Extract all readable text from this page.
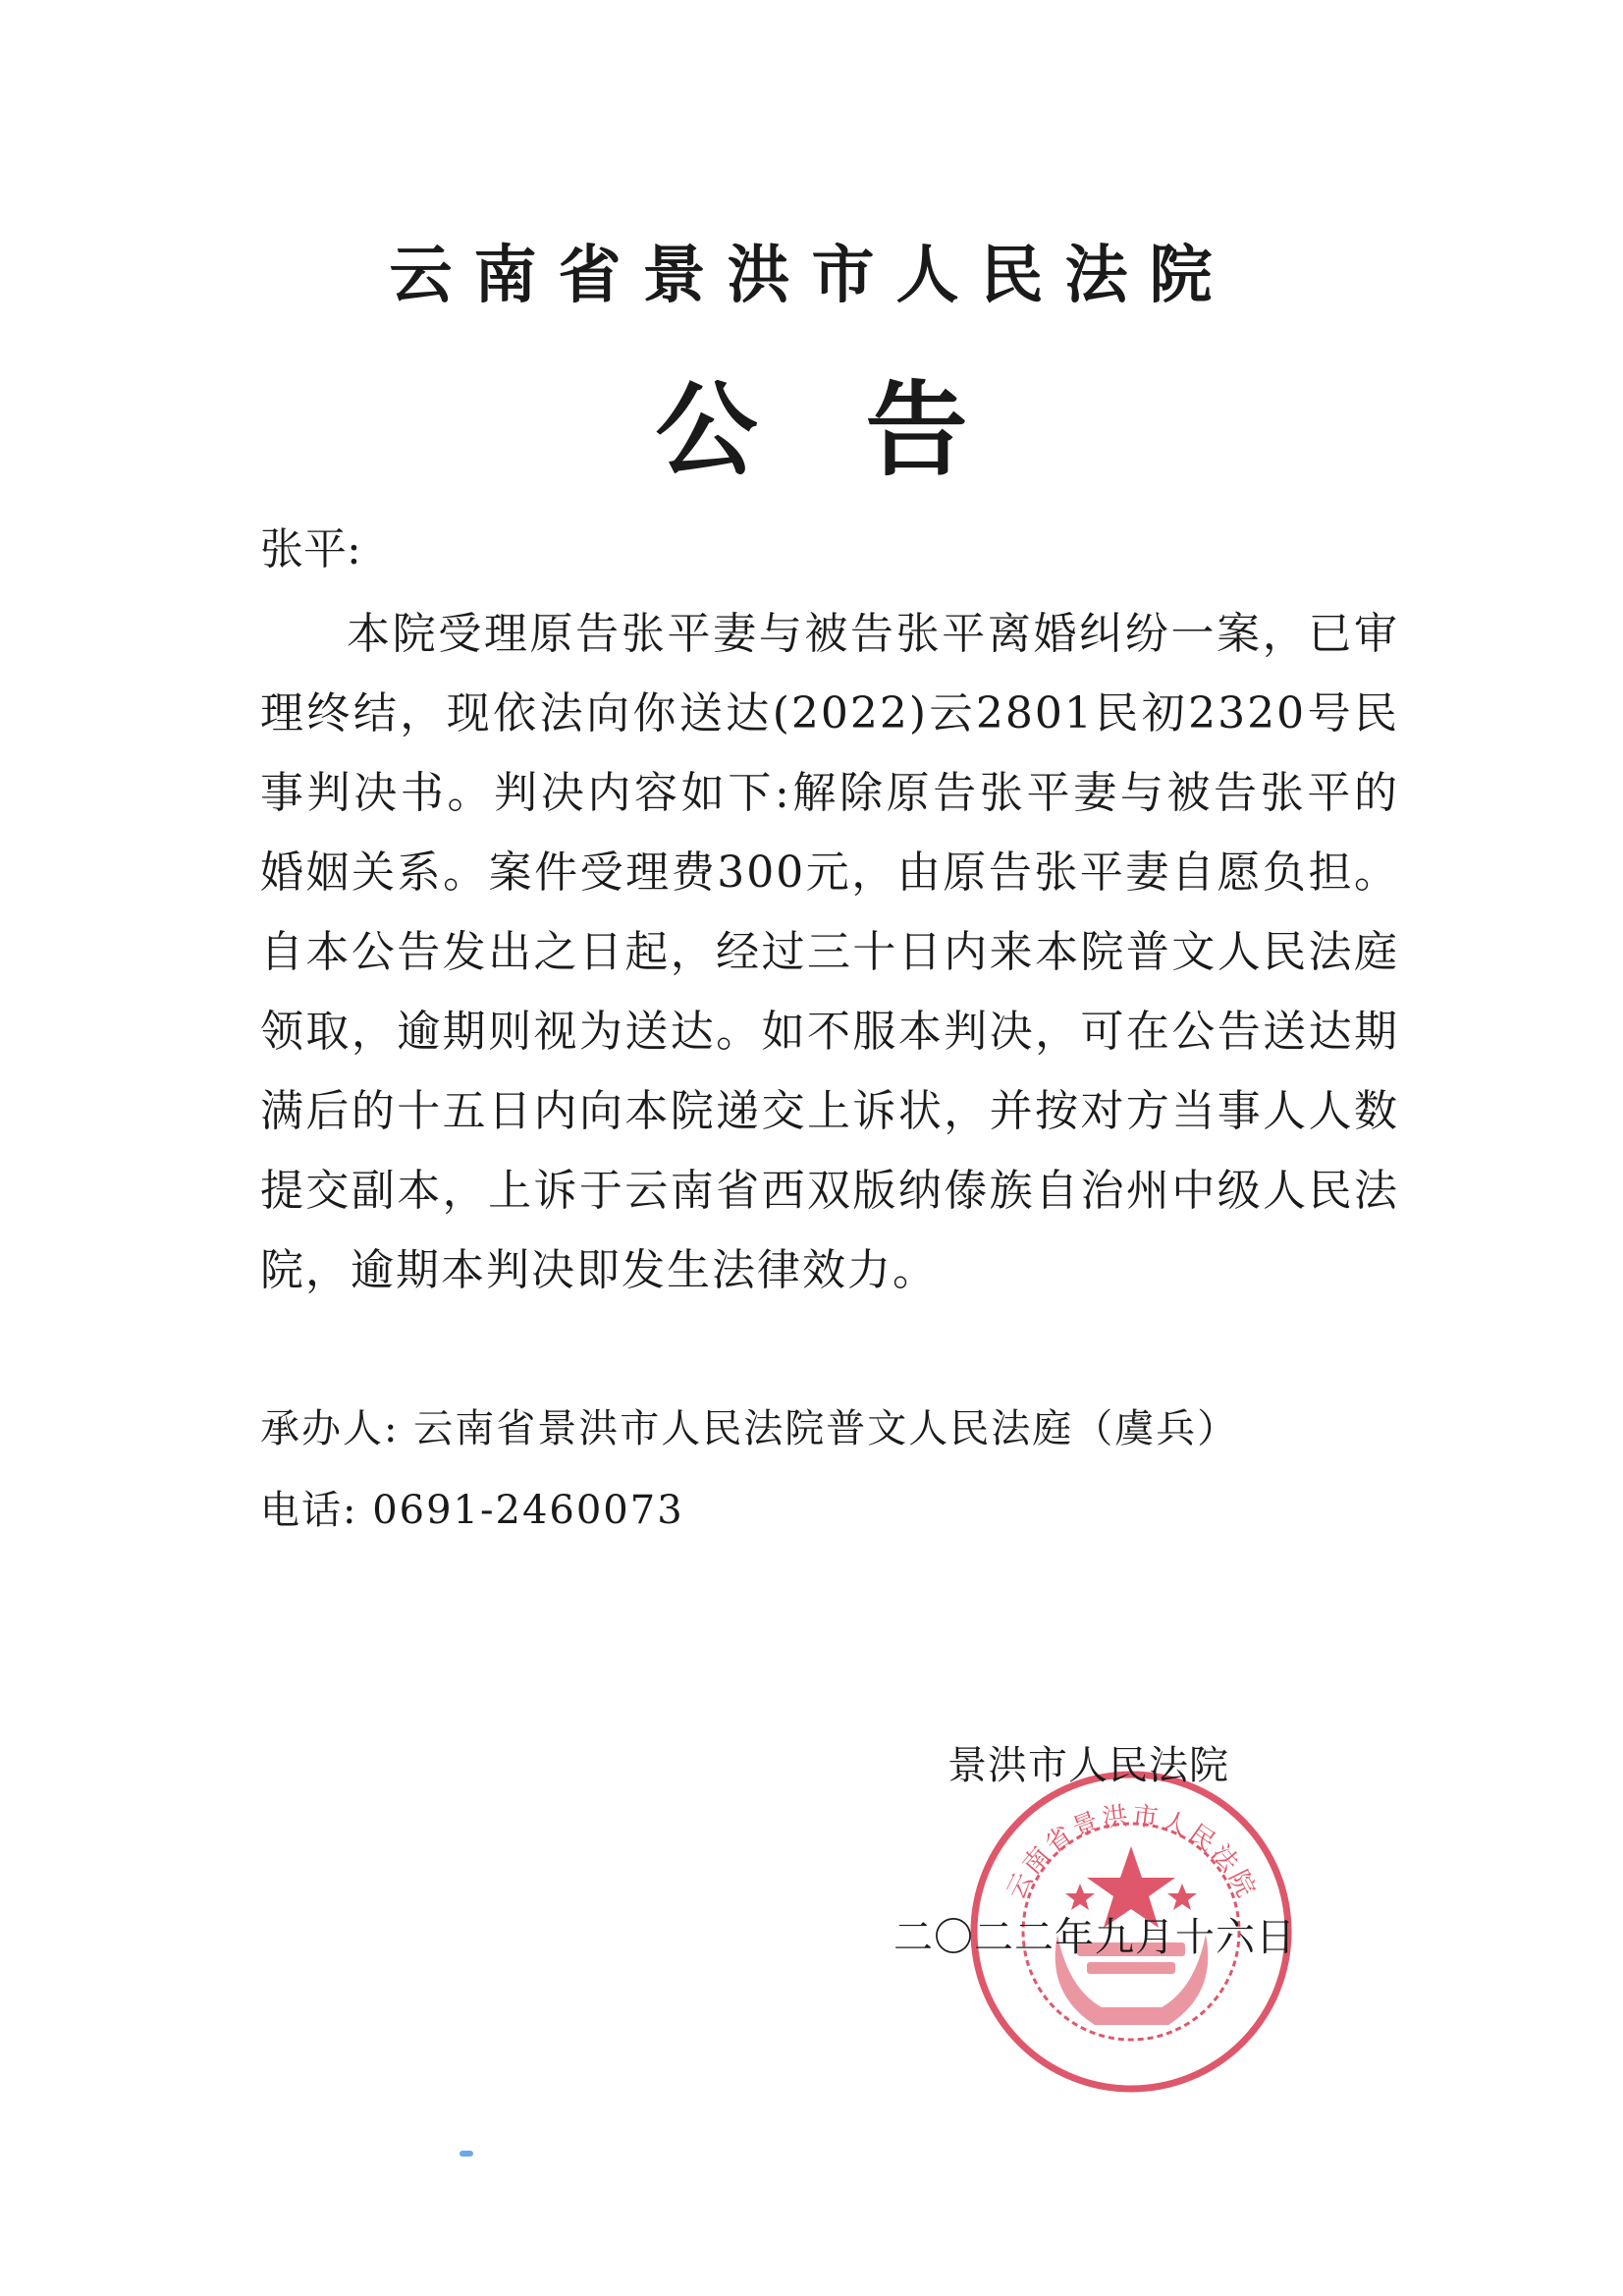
云南省景洪市人民法院
公告
张平:
本院受理原告张平妻与被告张平离婚纠纷一案，已审理终结，现依法向你送达(2022)云2801民初2320号民事判决书。判决内容如下:解除原告张平妻与被告张平的婚姻关系。案件受理费300元，由原告张平妻自愿负担。自本公告发出之日起，经过三十日内来本院普文人民法庭领取，逾期则视为送达。如不服本判决，可在公告送达期满后的十五日内向本院递交上诉状，并按对方当事人人数提交副本，上诉于云南省西双版纳傣族自治州中级人民法院，逾期本判决即发生法律效力。
承办人: 云南省景洪市人民法院普文人民法庭（虞兵）
电话: 0691-2460073
云南省景洪市人民法院
景洪市人民法院
二〇二二年九月十六日
